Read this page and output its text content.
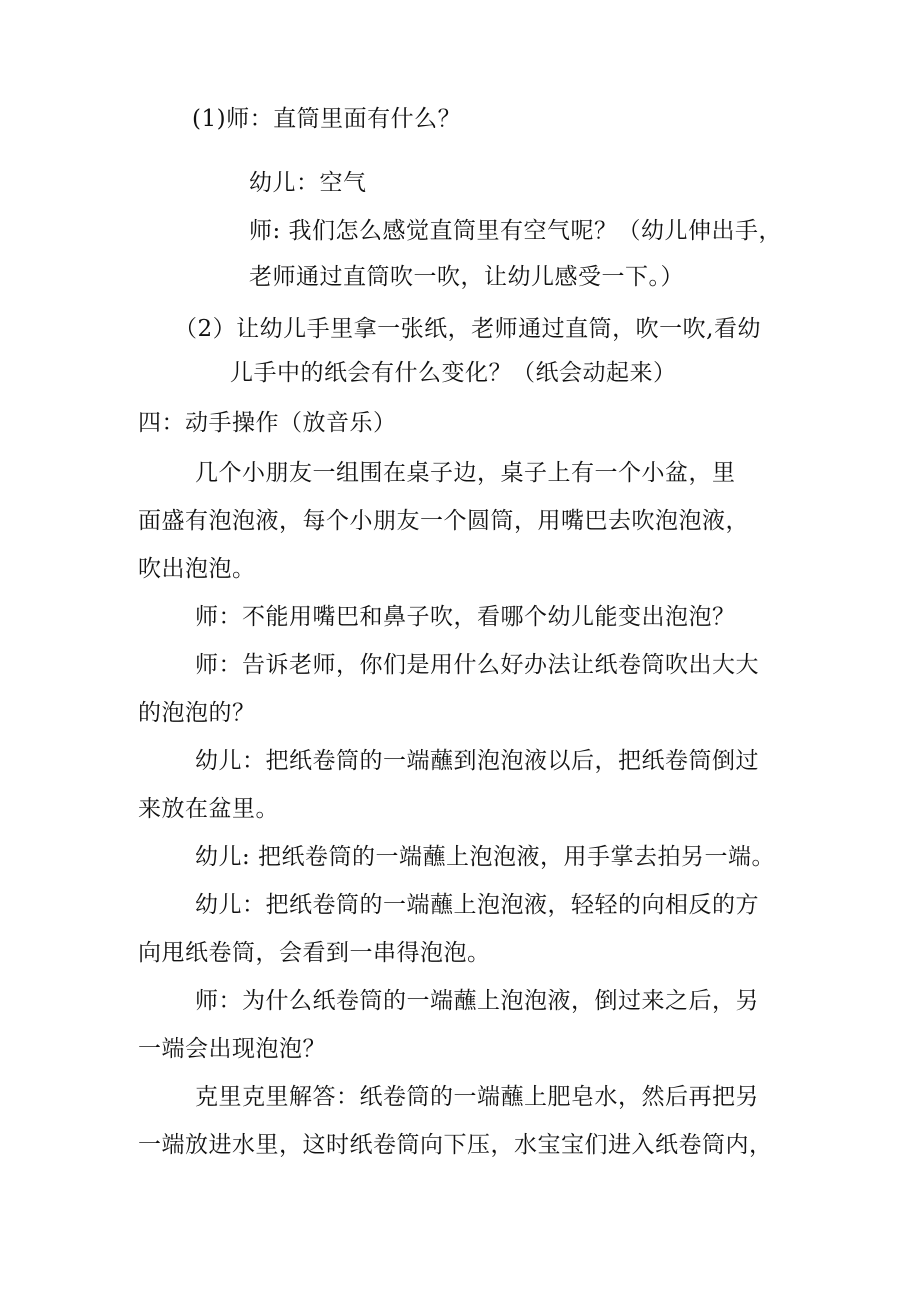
(1)师：直筒里面有什么？
幼儿：空气
师: 我们怎么感觉直筒里有空气呢？（幼儿伸出手，
老师通过直筒吹一吹，让幼儿感受一下。）
（2）让幼儿手里拿一张纸，老师通过直筒，吹一吹,看幼
儿手中的纸会有什么变化？（纸会动起来）
四：动手操作（放音乐）
几个小朋友一组围在桌子边，桌子上有一个小盆，里
面盛有泡泡液，每个小朋友一个圆筒，用嘴巴去吹泡泡液，
吹出泡泡。
师：不能用嘴巴和鼻子吹，看哪个幼儿能变出泡泡？
师：告诉老师，你们是用什么好办法让纸卷筒吹出大大
的泡泡的？
幼儿：把纸卷筒的一端蘸到泡泡液以后，把纸卷筒倒过
来放在盆里。
幼儿: 把纸卷筒的一端蘸上泡泡液，用手掌去拍另一端。
幼儿：把纸卷筒的一端蘸上泡泡液，轻轻的向相反的方
向甩纸卷筒，会看到一串得泡泡。
师：为什么纸卷筒的一端蘸上泡泡液，倒过来之后，另
一端会出现泡泡？
克里克里解答：纸卷筒的一端蘸上肥皂水，然后再把另
一端放进水里，这时纸卷筒向下压，水宝宝们进入纸卷筒内，
